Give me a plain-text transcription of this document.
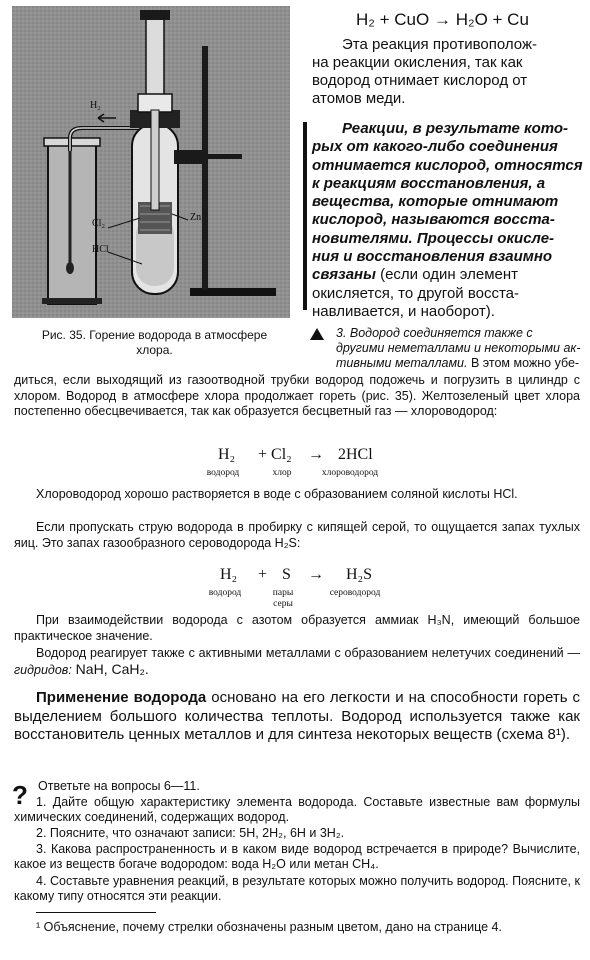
H₂
Cl₂
Zn
HCl
Рис. 35. Горение водорода в атмосфере
хлора.
H₂ + CuO → H₂O + Cu
Эта реакция противополож-
на реакции окисления, так как
водород отнимает кислород от
атомов меди.
Реакции, в результате кото-
рых от какого-либо соединения
отнимается кислород, относятся
к реакциям восстановления, а
вещества, которые отнимают
кислород, называются восста-
новителями. Процессы окисле-
ния и восстановления взаимно
связаны (если один элемент
окисляется, то другой восста-
навливается, и наоборот).
3. Водород соединяется также с
другими неметаллами и некоторыми ак-
тивными металлами. В этом можно убе-
диться, если выходящий из газоотводной трубки водород подожечь и погрузить в цилиндр с хлором. Водород в атмосфере хлора продолжает гореть (рис. 35). Желтозеленый цвет хлора постепенно обесцвечивается, так как образуется бесцветный газ — хлороводород:
H₂ + Cl₂ → 2HCl
водород	хлор	хлороводород
Хлороводород хорошо растворяется в воде с образованием соляной кислоты HCl.
Если пропускать струю водорода в пробирку с кипящей серой, то ощущается запах тухлых яиц. Это запах газообразного сероводорода H₂S:
H₂ + S → H₂S
водород	пары
серы
сероводород
При взаимодействии водорода с азотом образуется аммиак H₃N, имеющий большое практическое значение.
Водород реагирует также с активными металлами с образованием нелетучих соединений — гидридов: NaH, CaH₂.
Применение водорода основано на его легкости и на способности гореть с выделением большого количества теплоты. Водород используется также как восстановитель ценных металлов и для синтеза некоторых веществ (схема 8¹).
? Ответьте на вопросы 6—11.
1. Дайте общую характеристику элемента водорода. Составьте известные вам формулы химических соединений, содержащих водород.
2. Поясните, что означают записи: 5H, 2H₂, 6H и 3H₂.
3. Какова распространенность и в каком виде водород встречается в природе? Вычислите, какое из веществ богаче водородом: вода H₂O или метан CH₄.
4. Составьте уравнения реакций, в результате которых можно получить водород. Поясните, к какому типу относятся эти реакции.
¹ Объяснение, почему стрелки обозначены разным цветом, дано на странице 4.
